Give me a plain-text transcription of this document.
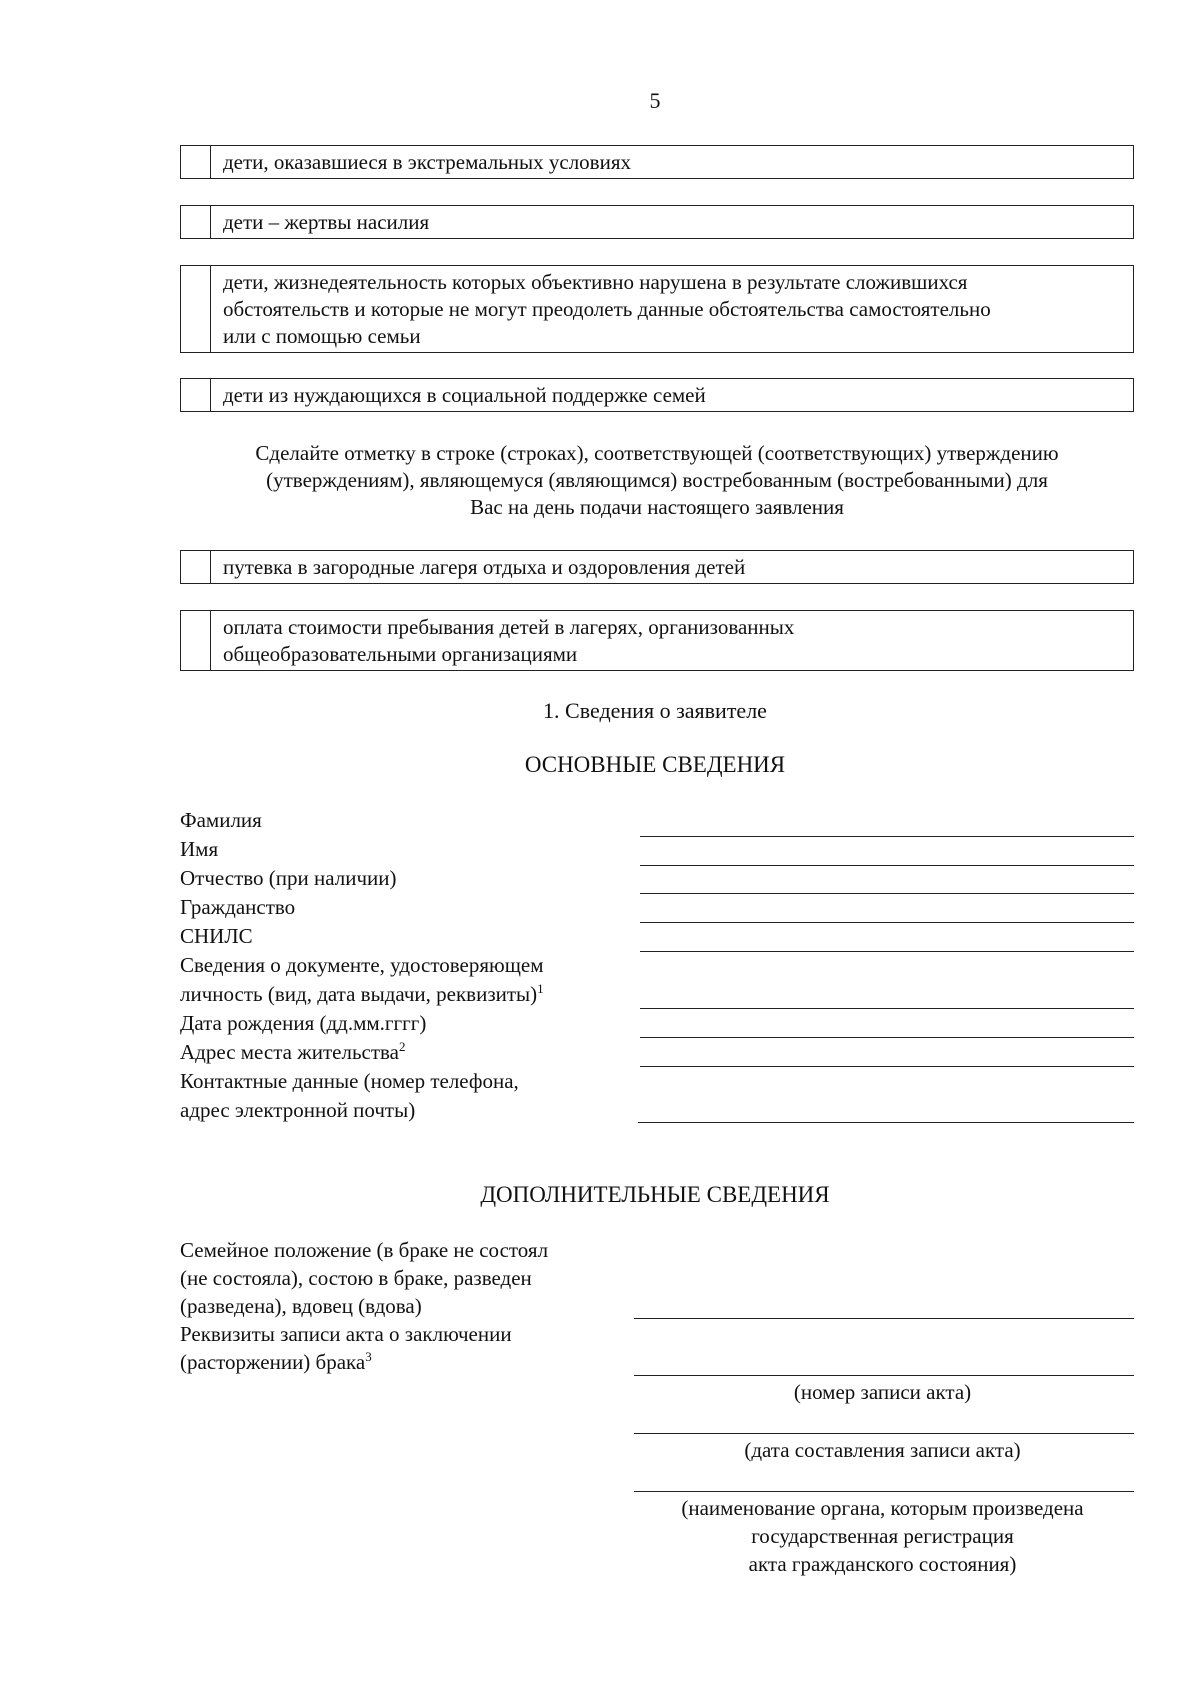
5
дети, оказавшиеся в экстремальных условиях
дети – жертвы насилия
дети, жизнедеятельность которых объективно нарушена в результате сложившихся
обстоятельств и которые не могут преодолеть данные обстоятельства самостоятельно
или с помощью семьи
дети из нуждающихся в социальной поддержке семей
Сделайте отметку в строке (строках), соответствующей (соответствующих) утверждению
(утверждениям), являющемуся (являющимся) востребованным (востребованными) для
Вас на день подачи настоящего заявления
путевка в загородные лагеря отдыха и оздоровления детей
оплата стоимости пребывания детей в лагерях, организованных
общеобразовательными организациями
1. Сведения о заявителе
ОСНОВНЫЕ СВЕДЕНИЯ
Фамилия
Имя
Отчество (при наличии)
Гражданство
СНИЛС
Сведения о документе, удостоверяющем
личность (вид, дата выдачи, реквизиты)$^1$
Дата рождения (дд.мм.гггг)
Адрес места жительства$^2$
Контактные данные (номер телефона,
адрес электронной почты)
ДОПОЛНИТЕЛЬНЫЕ СВЕДЕНИЯ
Семейное положение (в браке не состоял
(не состояла), состою в браке, разведен
(разведена), вдовец (вдова)
Реквизиты записи акта о заключении
(расторжении) брака$^3$
(номер записи акта)
(дата составления записи акта)
(наименование органа, которым произведена
государственная регистрация
акта гражданского состояния)
